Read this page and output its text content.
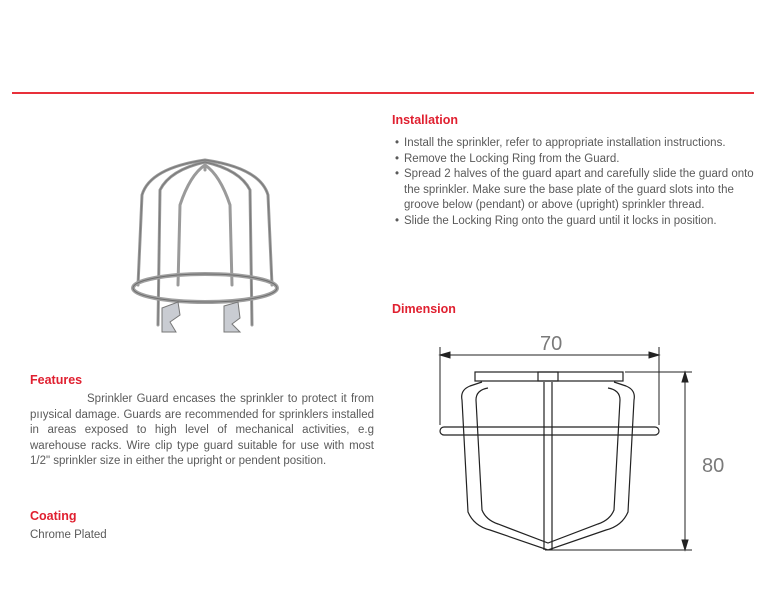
Installation
• Install the sprinkler, refer to appropriate installation instructions.
• Remove the Locking Ring from the Guard.
• Spread 2 halves of the guard apart and carefully slide the guard onto the sprinkler. Make sure the base plate of the guard slots into the groove below (pendant) or above (upright) sprinkler thread.
• Slide the Locking Ring onto the guard until it locks in position.
Dimension
70
80
Features
Sprinkler Guard encases the sprinkler to protect it from pııysical damage. Guards are recommended for sprinklers installed in areas exposed to high level of mechanical activities, e.g warehouse racks. Wire clip type guard suitable for use with most 1/2" sprinkler size in either the upright or pendent position.
Coating
Chrome Plated
